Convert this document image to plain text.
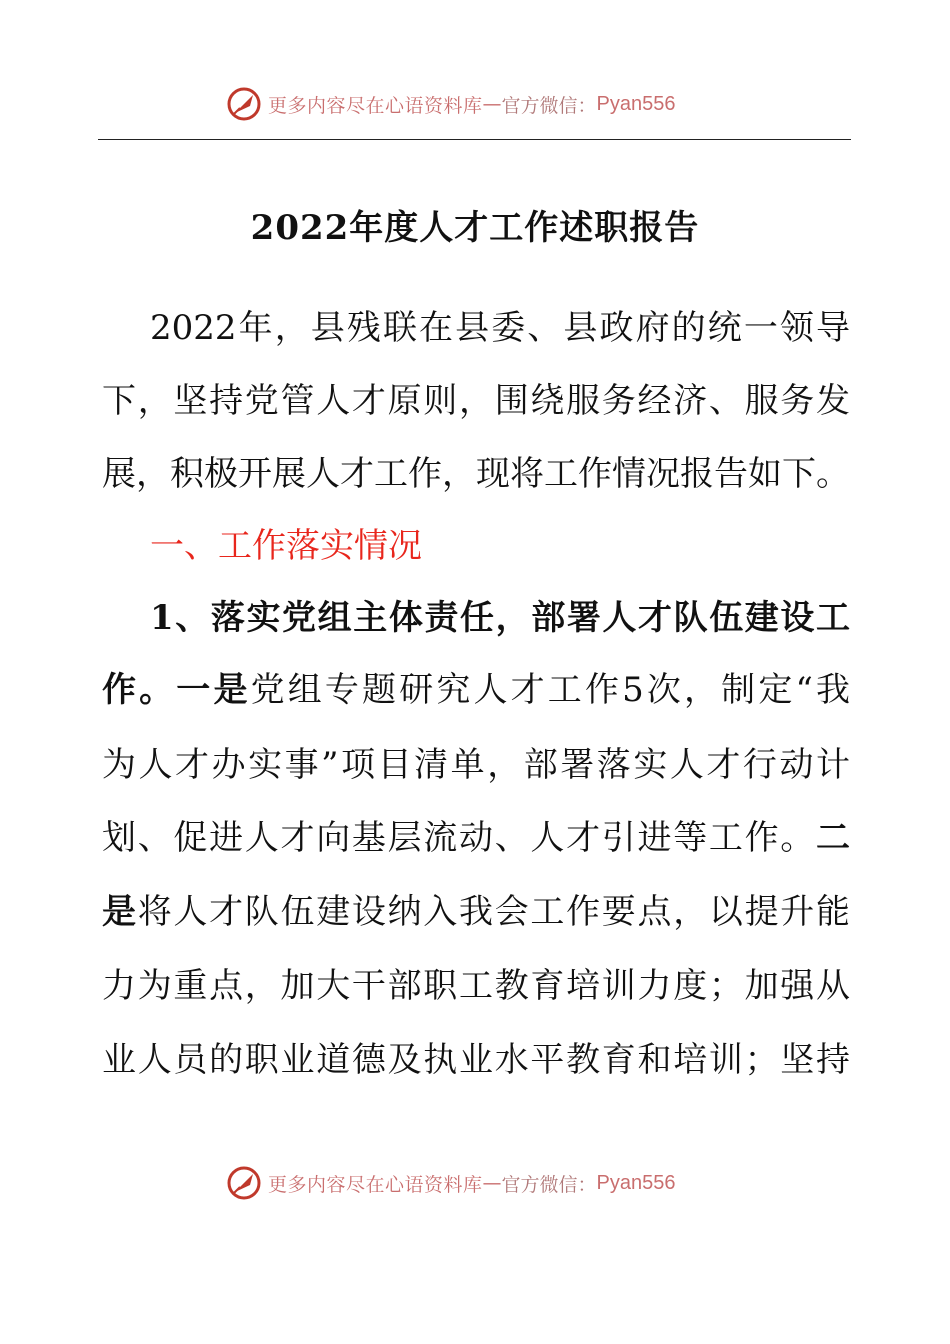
更多内容尽在心语资料库 — 官方微信： Pyan556
2022年度人才工作述职报告
2022年，县残联在县委、县政府的统一领导
下，坚持党管人才原则，围绕服务经济、服务发
展，积极开展人才工作，现将工作情况报告如下。
一、工作落实情况
1、落实党组主体责任，部署人才队伍建设工
作。一是党组专题研究人才工作5次，制定“我
为人才办实事”项目清单，部署落实人才行动计
划、促进人才向基层流动、人才引进等工作。二
是将人才队伍建设纳入我会工作要点，以提升能
力为重点，加大干部职工教育培训力度；加强从
业人员的职业道德及执业水平教育和培训；坚持
更多内容尽在心语资料库 — 官方微信： Pyan556
